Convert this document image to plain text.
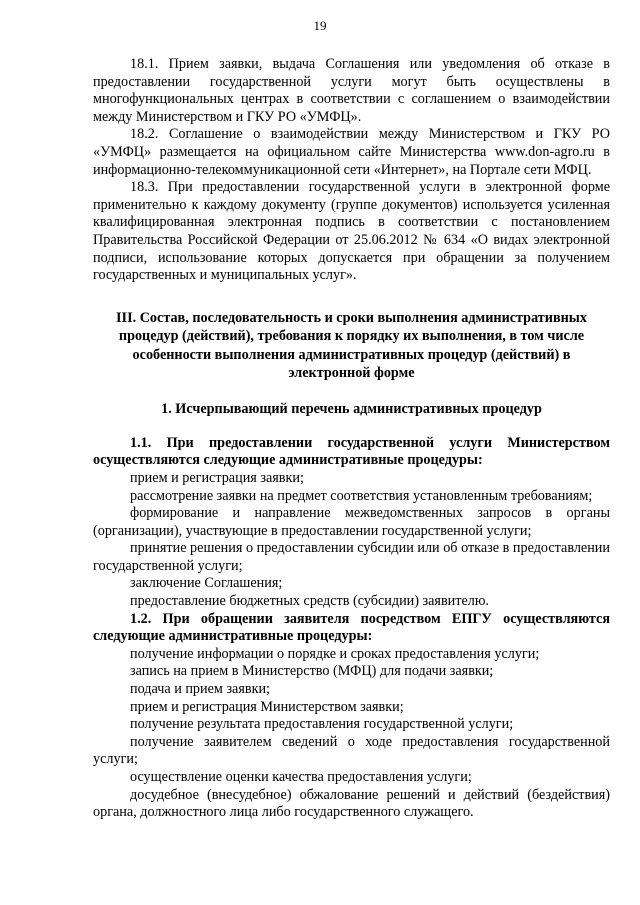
19

18.1. Прием заявки, выдача Соглашения или уведомления об отказе в предоставлении государственной услуги могут быть осуществлены в многофункциональных центрах в соответствии с соглашением о взаимодействии между Министерством и ГКУ РО «УМФЦ».

18.2. Соглашение о взаимодействии между Министерством и ГКУ РО «УМФЦ» размещается на официальном сайте Министерства www.don-agro.ru в информационно-телекоммуникационной сети «Интернет», на Портале сети МФЦ.

18.3. При предоставлении государственной услуги в электронной форме применительно к каждому документу (группе документов) используется усиленная квалифицированная электронная подпись в соответствии с постановлением Правительства Российской Федерации от 25.06.2012 № 634 «О видах электронной подписи, использование которых допускается при обращении за получением государственных и муниципальных услуг».

III. Состав, последовательность и сроки выполнения административных процедур (действий), требования к порядку их выполнения, в том числе особенности выполнения административных процедур (действий) в электронной форме

1. Исчерпывающий перечень административных процедур

1.1. При предоставлении государственной услуги Министерством осуществляются следующие административные процедуры:

прием и регистрация заявки;

рассмотрение заявки на предмет соответствия установленным требованиям;

формирование и направление межведомственных запросов в органы (организации), участвующие в предоставлении государственной услуги;

принятие решения о предоставлении субсидии или об отказе в предоставлении государственной услуги;

заключение Соглашения;

предоставление бюджетных средств (субсидии) заявителю.

1.2. При обращении заявителя посредством ЕПГУ осуществляются следующие административные процедуры:

получение информации о порядке и сроках предоставления услуги;

запись на прием в Министерство (МФЦ) для подачи заявки;

подача и прием заявки;

прием и регистрация Министерством заявки;

получение результата предоставления государственной услуги;

получение заявителем сведений о ходе предоставления государственной услуги;

осуществление оценки качества предоставления услуги;

досудебное (внесудебное) обжалование решений и действий (бездействия) органа, должностного лица либо государственного служащего.
